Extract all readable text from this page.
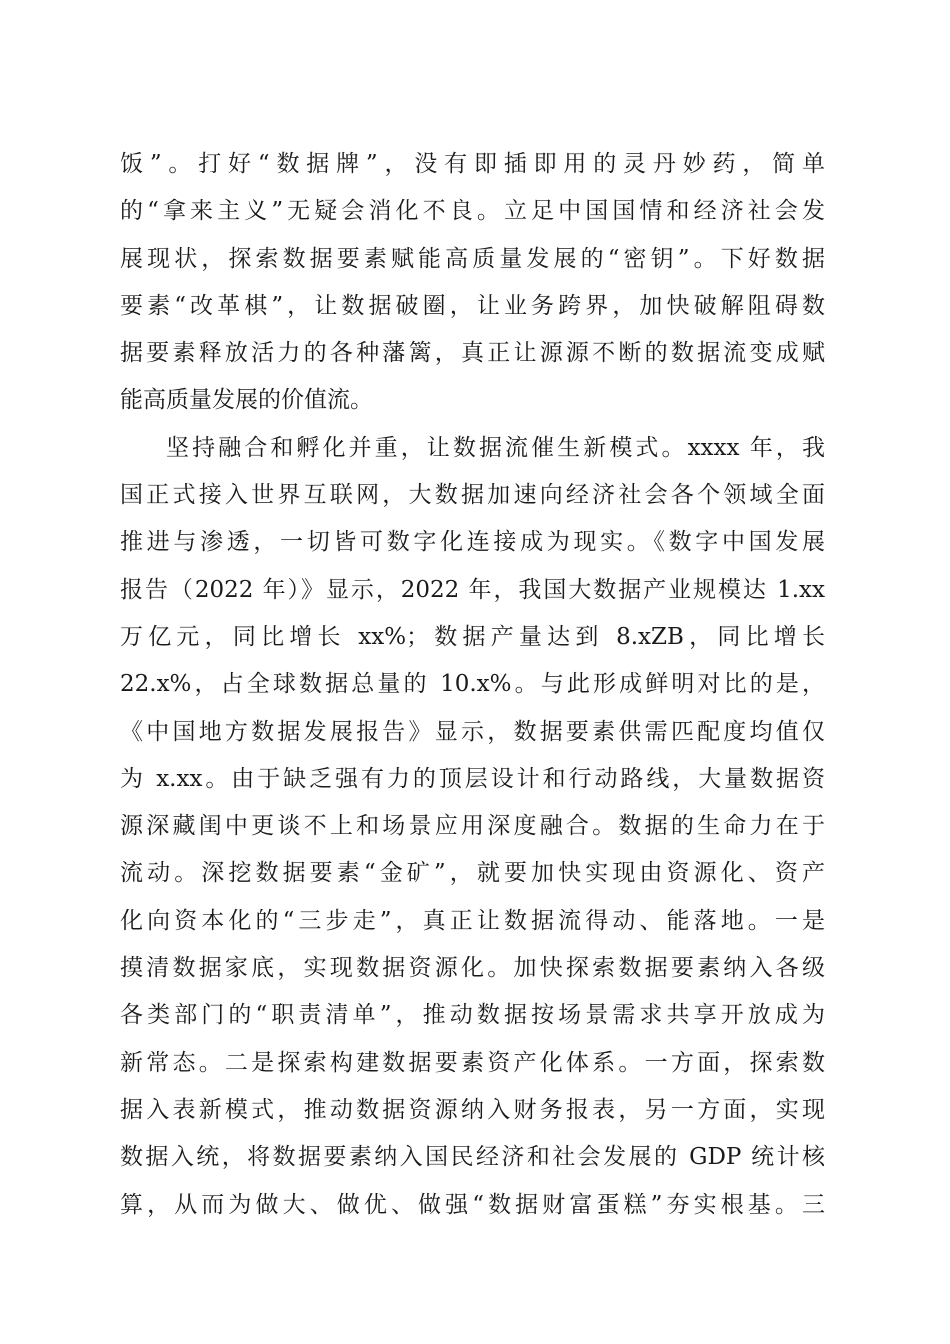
饭”。打好“数据牌”，没有即插即用的灵丹妙药，简单
的“拿来主义”无疑会消化不良。立足中国国情和经济社会发
展现状，探索数据要素赋能高质量发展的“密钥”。下好数据
要素“改革棋”，让数据破圈，让业务跨界，加快破解阻碍数
据要素释放活力的各种藩篱，真正让源源不断的数据流变成赋
能高质量发展的价值流。
坚持融合和孵化并重，让数据流催生新模式。xxxx 年，我
国正式接入世界互联网，大数据加速向经济社会各个领域全面
推进与渗透，一切皆可数字化连接成为现实。《数字中国发展
报告（2022 年）》显示，2022 年，我国大数据产业规模达 1.xx
万亿元，同比增长 xx%；数据产量达到 8.xZB，同比增长
22.x%，占全球数据总量的 10.x%。与此形成鲜明对比的是，
《中国地方数据发展报告》显示，数据要素供需匹配度均值仅
为 x.xx。由于缺乏强有力的顶层设计和行动路线，大量数据资
源深藏闺中更谈不上和场景应用深度融合。数据的生命力在于
流动。深挖数据要素“金矿”，就要加快实现由资源化、资产
化向资本化的“三步走”，真正让数据流得动、能落地。一是
摸清数据家底，实现数据资源化。加快探索数据要素纳入各级
各类部门的“职责清单”，推动数据按场景需求共享开放成为
新常态。二是探索构建数据要素资产化体系。一方面，探索数
据入表新模式，推动数据资源纳入财务报表，另一方面，实现
数据入统，将数据要素纳入国民经济和社会发展的 GDP 统计核
算，从而为做大、做优、做强“数据财富蛋糕”夯实根基。三
